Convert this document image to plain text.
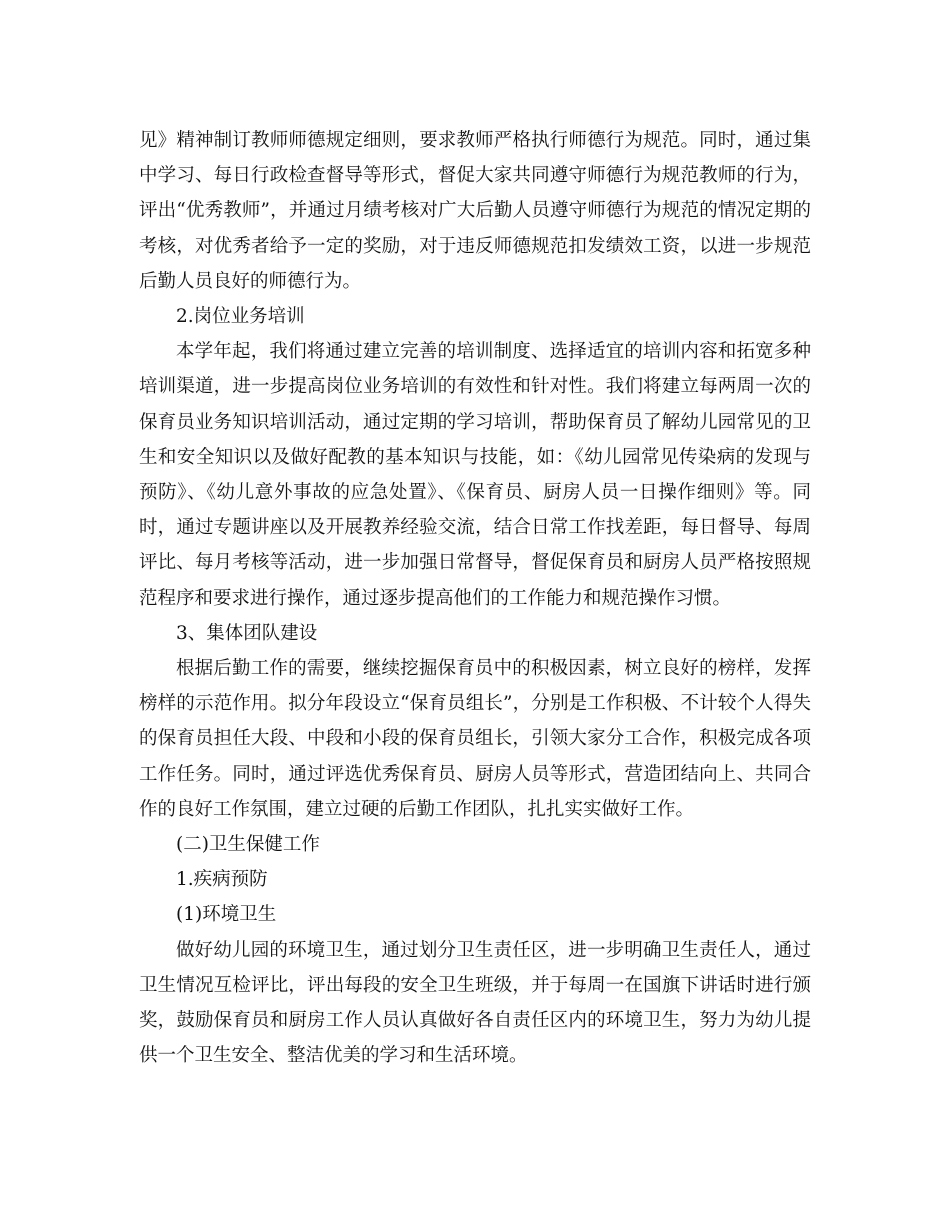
见》精神制订教师师德规定细则，要求教师严格执行师德行为规范。同时，通过集中学习、每日行政检查督导等形式，督促大家共同遵守师德行为规范教师的行为，评出“优秀教师”，并通过月绩考核对广大后勤人员遵守师德行为规范的情况定期的考核，对优秀者给予一定的奖励，对于违反师德规范扣发绩效工资，以进一步规范后勤人员良好的师德行为。

2.岗位业务培训

本学年起，我们将通过建立完善的培训制度、选择适宜的培训内容和拓宽多种培训渠道，进一步提高岗位业务培训的有效性和针对性。我们将建立每两周一次的保育员业务知识培训活动，通过定期的学习培训，帮助保育员了解幼儿园常见的卫生和安全知识以及做好配教的基本知识与技能，如：《幼儿园常见传染病的发现与预防》、《幼儿意外事故的应急处置》、《保育员、厨房人员一日操作细则》等。同时，通过专题讲座以及开展教养经验交流，结合日常工作找差距，每日督导、每周评比、每月考核等活动，进一步加强日常督导，督促保育员和厨房人员严格按照规范程序和要求进行操作，通过逐步提高他们的工作能力和规范操作习惯。

3、集体团队建设

根据后勤工作的需要，继续挖掘保育员中的积极因素，树立良好的榜样，发挥榜样的示范作用。拟分年段设立“保育员组长”，分别是工作积极、不计较个人得失的保育员担任大段、中段和小段的保育员组长，引领大家分工合作，积极完成各项工作任务。同时，通过评选优秀保育员、厨房人员等形式，营造团结向上、共同合作的良好工作氛围，建立过硬的后勤工作团队，扎扎实实做好工作。

(二)卫生保健工作

1.疾病预防

(1)环境卫生

做好幼儿园的环境卫生，通过划分卫生责任区，进一步明确卫生责任人，通过卫生情况互检评比，评出每段的安全卫生班级，并于每周一在国旗下讲话时进行颁奖，鼓励保育员和厨房工作人员认真做好各自责任区内的环境卫生，努力为幼儿提供一个卫生安全、整洁优美的学习和生活环境。
